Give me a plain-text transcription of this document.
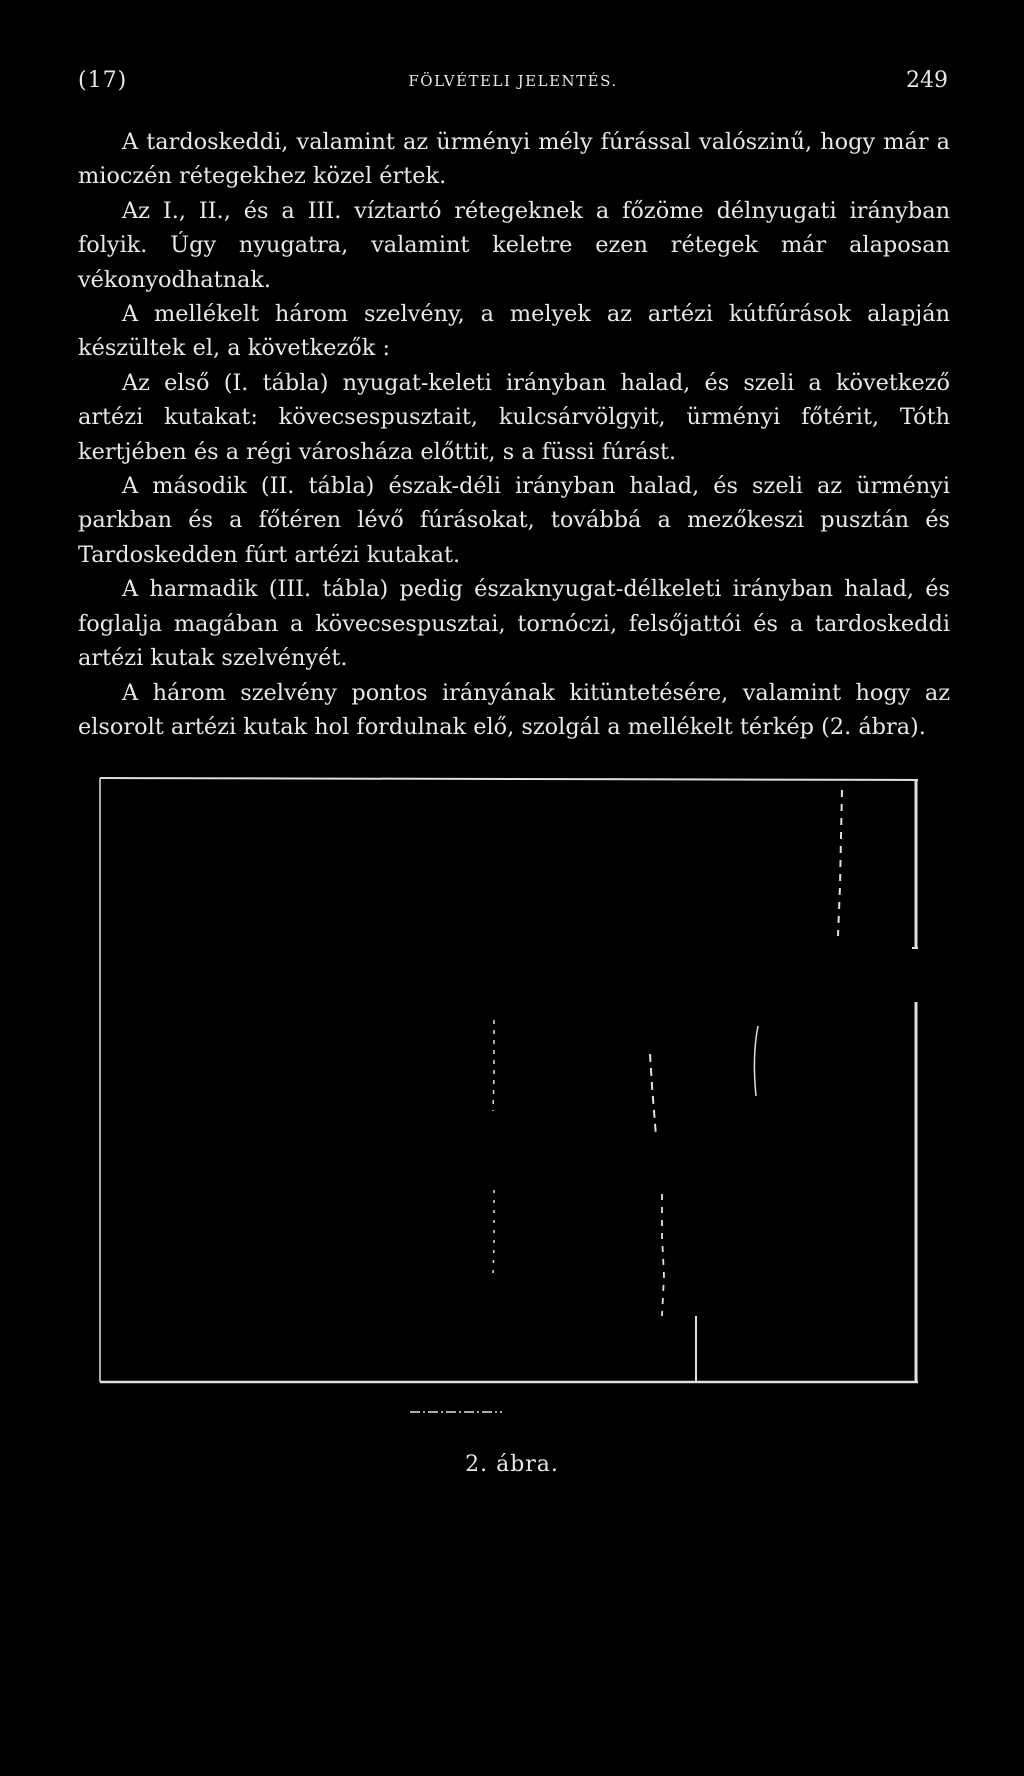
(17)	FÖLVÉTELI JELENTÉS.	249

A tardoskeddi, valamint az ürményi mély fúrással valószinű, hogy már a mioczén rétegekhez közel értek.

Az I., II., és a III. víztartó rétegeknek a főzöme délnyugati irányban folyik. Úgy nyugatra, valamint keletre ezen rétegek már alaposan vékonyodhatnak.

A mellékelt három szelvény, a melyek az artézi kútfúrások alapján készültek el, a következők :

Az első (I. tábla) nyugat-keleti irányban halad, és szeli a következő artézi kutakat: kövecsespusztait, kulcsárvölgyit, ürményi főtérit, Tóth kertjében és a régi városháza előttit, s a füssi fúrást.

A második (II. tábla) észak-déli irányban halad, és szeli az ürményi parkban és a főtéren lévő fúrásokat, továbbá a mezőkeszi pusztán és Tardoskedden fúrt artézi kutakat.

A harmadik (III. tábla) pedig északnyugat-délkeleti irányban halad, és foglalja magában a kövecsespusztai, tornóczi, felsőjattói és a tardoskeddi artézi kutak szelvényét.

A három szelvény pontos irányának kitüntetésére, valamint hogy az elsorolt artézi kutak hol fordulnak elő, szolgál a mellékelt térkép (2. ábra).

2. ábra.
